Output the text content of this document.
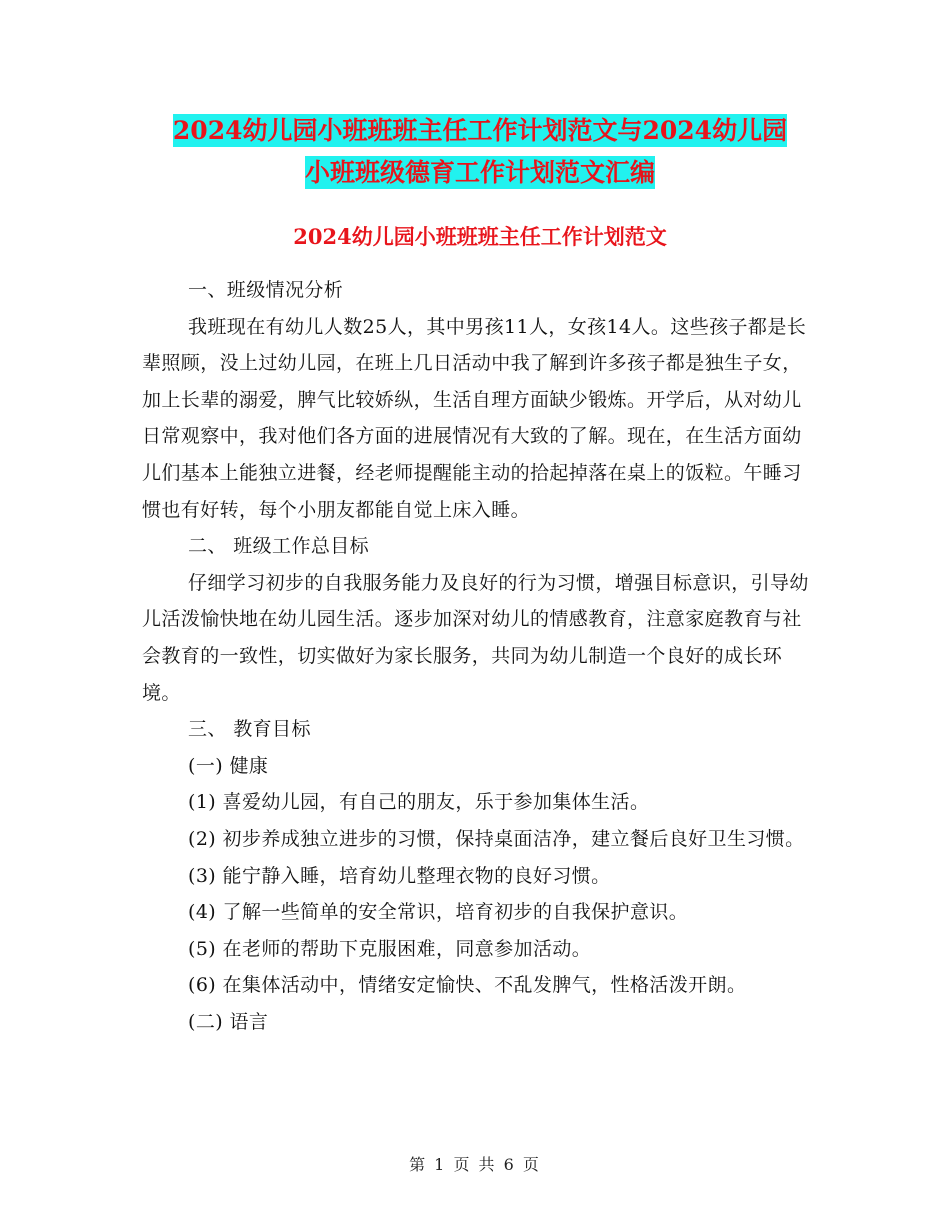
2024幼儿园小班班班主任工作计划范文与2024幼儿园
小班班级德育工作计划范文汇编
2024幼儿园小班班班主任工作计划范文

一、班级情况分析

我班现在有幼儿人数25人，其中男孩11人，女孩14人。这些孩子都是长辈照顾，没上过幼儿园，在班上几日活动中我了解到许多孩子都是独生子女，加上长辈的溺爱，脾气比较娇纵，生活自理方面缺少锻炼。开学后，从对幼儿日常观察中，我对他们各方面的进展情况有大致的了解。现在，在生活方面幼儿们基本上能独立进餐，经老师提醒能主动的拾起掉落在桌上的饭粒。午睡习惯也有好转，每个小朋友都能自觉上床入睡。

二、 班级工作总目标

仔细学习初步的自我服务能力及良好的行为习惯，增强目标意识，引导幼儿活泼愉快地在幼儿园生活。逐步加深对幼儿的情感教育，注意家庭教育与社会教育的一致性，切实做好为家长服务，共同为幼儿制造一个良好的成长环境。

三、 教育目标

(一) 健康

(1) 喜爱幼儿园，有自己的朋友，乐于参加集体生活。

(2) 初步养成独立进步的习惯，保持桌面洁净，建立餐后良好卫生习惯。

(3) 能宁静入睡，培育幼儿整理衣物的良好习惯。

(4) 了解一些简单的安全常识，培育初步的自我保护意识。

(5) 在老师的帮助下克服困难，同意参加活动。

(6) 在集体活动中，情绪安定愉快、不乱发脾气，性格活泼开朗。

(二) 语言

第 1 页 共 6 页
